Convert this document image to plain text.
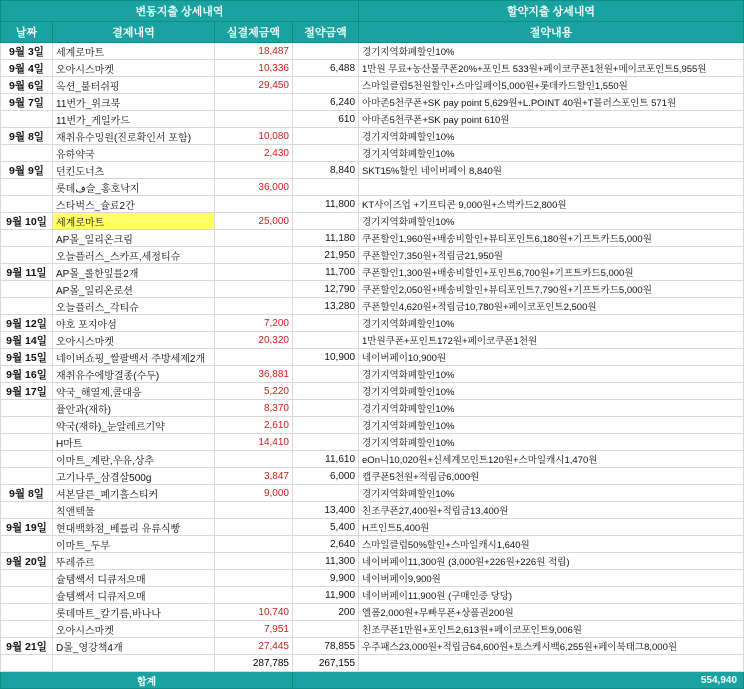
변동지출 상세내역				할약지출 상세내역
날짜	결제내역	실결제금액	절약금액	절약내용
9월 3일	세계로마트	18,487		경기지역화폐할인10%
9월 4일	오아시스마켓	10,336	6,488	1만원 무료+농산물쿠폰20%+포인트 533원+페이코쿠폰1천원+메이코포인트5,955원
9월 6일	옥션_불터쉬핑	29,450		스마일클럽5천원할인+스마일페이5,000원+롯데카드할인1,550원
9월 7일	11번가_위크북		6,240	아마존5천쿠폰+SK pay point 5,629원+L.POINT 40원+T몰러스포인트 571원
	11번가_게일카드		610	아마존5천쿠폰+SK pay point 610원
9월 8일	재취유수밍원(진로확인서 포함)	10,080		경기지역화폐할인10%
	유하약국	2,430		경기지역화폐할인10%
9월 9일	던킨도너츠		8,840	SKT15%할인 네이버페이 8,840원
	롯데ف슬_홍호낙지	36,000		
	스타벅스_슐료2간		11,800	KT사이즈업 +기프티콘 9,000원+스벅카드2,800원
9월 10일	세계로마트	25,000		경기지역화폐할인10%
	AP몰_일리온크림		11,180	쿠폰할인1,960원+배송비할인+뷰티포인트6,180원+기프트카드5,000원
	오늘플러스_스카프,세정티슈		21,950	쿠폰할인7,350원+적립금21,950원
9월 11일	AP몰_롤한잎를2개		11,700	쿠폰할인1,300원+배송비할인+포인트6,700원+기프트카드5,000원
	AP몰_일리온로션		12,790	쿠폰할인2,050원+배송비할인+뷰티포인트7,790원+기프트카드5,000원
	오늘플러스_각티슈		13,280	쿠폰할인4,620원+적립금10,780원+페이코포인트2,500원
9월 12일	야호 포지아섬	7,200		경기지역화폐할인10%
9월 14일	오아시스마켓	20,320		1만원쿠폰+포인트172원+페이코쿠폰1천원
9월 15일	네이버쇼핑_쌀팔백서 주방세제2개		10,900	네이버페이10,900원
9월 16일	재취유수에방결종(수두)	36,881		경기지역화폐할인10%
9월 17일	약국_해열제,콜대응	5,220		경기지역화폐할인10%
	퓰안과(재하)	8,370		경기지역화폐할인10%
	약국(재하)_눈알레르기약	2,610		경기지역화폐할인10%
	H마트	14,410		경기지역화폐할인10%
	이마트_계란,우유,상추		11,610	eOn니10,020원+신세계모인트120원+스마일캐시1,470원
	고기나루_삼겹살500g	3,847	6,000	캡쿠폰5천원+적립금6,000원
9월 8일	셔본달른_폐기흘스티커	9,000		경기지역화폐할인10%
	칙앤텍물		13,400	친조쿠폰27,400원+적립금13,400원
9월 19일	현대백화점_베를리 유류식빵		5,400	H프인트5,400원
	이마트_두부		2,640	스마일클럽50%할인+스마일캐시1,640원
9월 20일	뚜레쥬르		11,300	네이버페이11,300원 (3,000원+226원+226원 적립)
	슐템쌕서 디큐저으매		9,900	네이버페이9,900원
	슐템쌕서 디큐저으매		11,900	네이버페이11,900원 (구매인증 당당)
	롯데마트_칼기름,바나나	10,740	200	엘폼2,000원+무빠무폰+상품권200원
	오아시스마켓	7,951		친조쿠폰1만원+포인트2,613원+페이코포인트9,006원
9월 21일	D몰_영강책4개	27,445	78,855	우주패스23,000원+적립금64,600원+토스케시백6,255원+페이북태그8,000원
		287,785	267,155	
합계			554,940	
